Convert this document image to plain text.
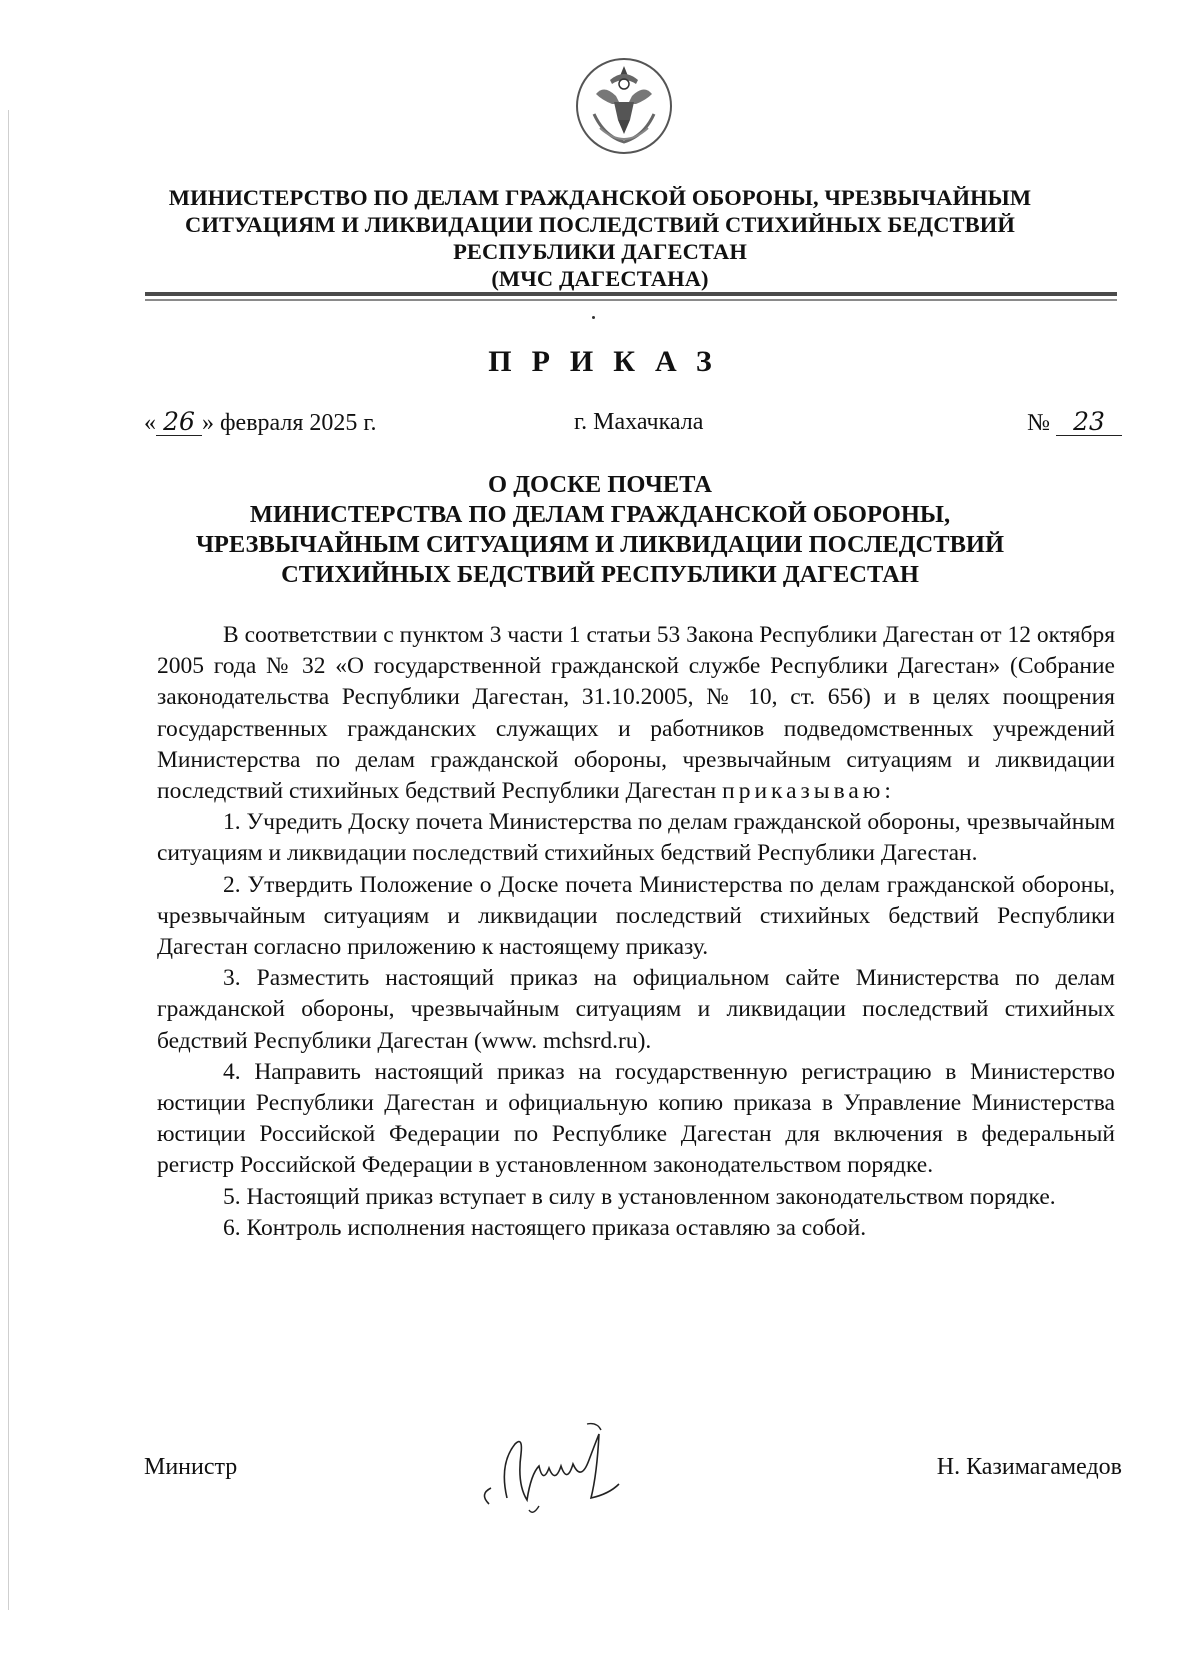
МИНИСТЕРСТВО ПО ДЕЛАМ ГРАЖДАНСКОЙ ОБОРОНЫ, ЧРЕЗВЫЧАЙНЫМ
СИТУАЦИЯМ И ЛИКВИДАЦИИ ПОСЛЕДСТВИЙ СТИХИЙНЫХ БЕДСТВИЙ
РЕСПУБЛИКИ ДАГЕСТАН
(МЧС ДАГЕСТАНА)
ПРИКАЗ
« 26 » февраля 2025 г.	г. Махачкала	№ 23
О ДОСКЕ ПОЧЕТА
МИНИСТЕРСТВА ПО ДЕЛАМ ГРАЖДАНСКОЙ ОБОРОНЫ,
ЧРЕЗВЫЧАЙНЫМ СИТУАЦИЯМ И ЛИКВИДАЦИИ ПОСЛЕДСТВИЙ
СТИХИЙНЫХ БЕДСТВИЙ РЕСПУБЛИКИ ДАГЕСТАН

В соответствии с пунктом 3 части 1 статьи 53 Закона Республики Дагестан от 12 октября 2005 года № 32 «О государственной гражданской службе Республики Дагестан» (Собрание законодательства Республики Дагестан, 31.10.2005, № 10, ст. 656) и в целях поощрения государственных гражданских служащих и работников подведомственных учреждений Министерства по делам гражданской обороны, чрезвычайным ситуациям и ликвидации последствий стихийных бедствий Республики Дагестан приказываю:

1. Учредить Доску почета Министерства по делам гражданской обороны, чрезвычайным ситуациям и ликвидации последствий стихийных бедствий Республики Дагестан.

2. Утвердить Положение о Доске почета Министерства по делам гражданской обороны, чрезвычайным ситуациям и ликвидации последствий стихийных бедствий Республики Дагестан согласно приложению к настоящему приказу.

3. Разместить настоящий приказ на официальном сайте Министерства по делам гражданской обороны, чрезвычайным ситуациям и ликвидации последствий стихийных бедствий Республики Дагестан (www. mchsrd.ru).

4. Направить настоящий приказ на государственную регистрацию в Министерство юстиции Республики Дагестан и официальную копию приказа в Управление Министерства юстиции Российской Федерации по Республике Дагестан для включения в федеральный регистр Российской Федерации в установленном законодательством порядке.

5. Настоящий приказ вступает в силу в установленном законодательством порядке.

6. Контроль исполнения настоящего приказа оставляю за собой.

Министр	Н. Казимагамедов
